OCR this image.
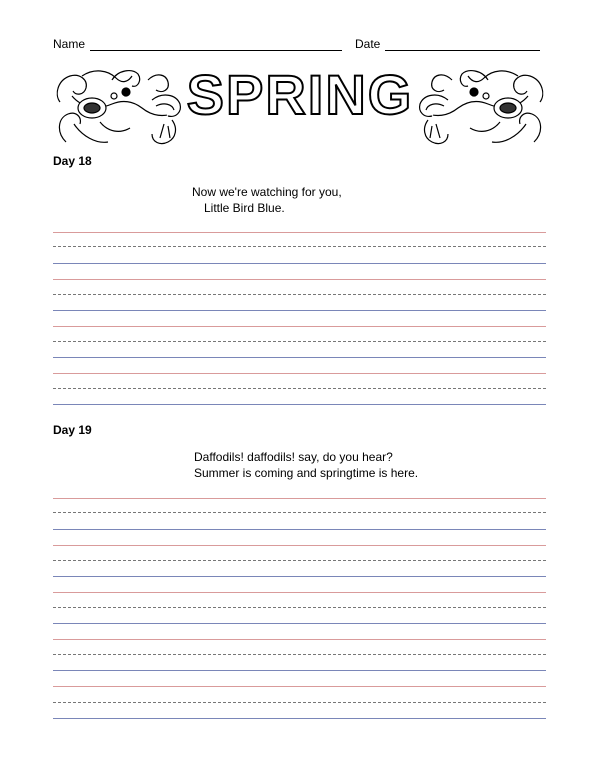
Name	Date
SPRING
Day 18
Now we're watching for you,
Little Bird Blue.
Day 19
Daffodils! daffodils! say, do you hear?
Summer is coming and springtime is here.
